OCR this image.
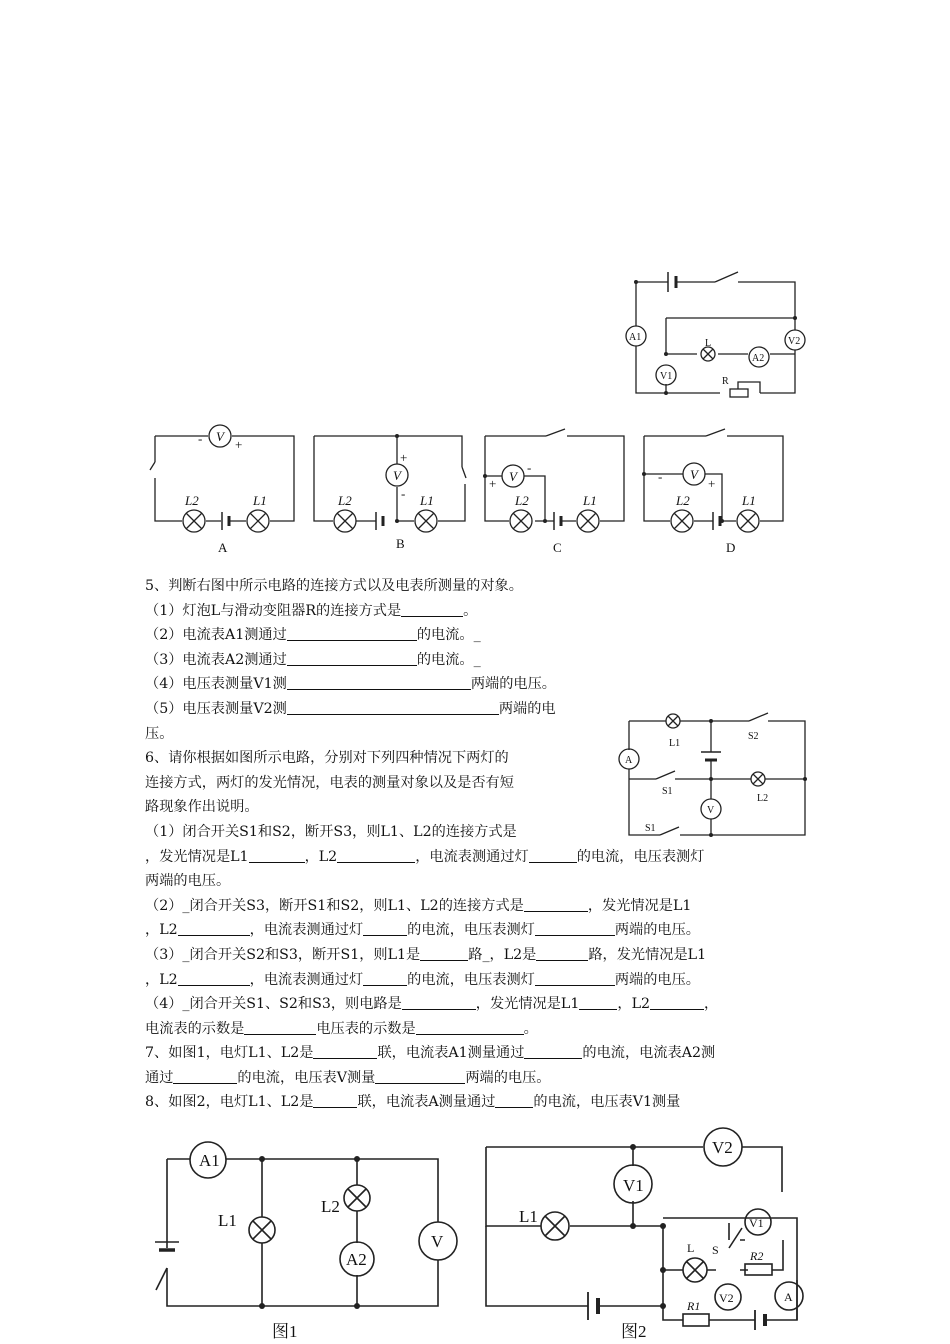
A1	V2
L
A2
V1	R
V
L2	L1
-	+
V
L2	L1
+
-
V
L2	L1
+
-	V
L2	L1
-	+
A	B	C	D
A
L1
S2
S1
L2
V
S1
A1
L1
L2
A2
V
图1
V2
V1
L1
图2
V1
L S	R2
V2	A
R1
5、判断右图中所示电路的连接方式以及电表所测量的对象。
（1）灯泡L与滑动变阻器R的连接方式是	。
（2）电流表A1测通过	的电流。_
（3）电流表A2测通过	的电流。_
（4）电压表测量V1测	两端的电压。
（5）电压表测量V2测	两端的电
压。
6、请你根据如图所示电路，分别对下列四种情况下两灯的
连接方式，两灯的发光情况，电表的测量对象以及是否有短
路现象作出说明。
（1）闭合开关S1和S2，断开S3，则L1、L2的连接方式是
，发光情况是L1	，L2	，电流表测通过灯	的电流，电压表测灯
两端的电压。
（2）_闭合开关S3，断开S1和S2，则L1、L2的连接方式是	，发光情况是L1
，L2	，电流表测通过灯	的电流，电压表测灯	两端的电压。
（3）_闭合开关S2和S3，断开S1，则L1是	路_，L2是	路，发光情况是L1
，L2	，电流表测通过灯	的电流，电压表测灯	两端的电压。
（4）_闭合开关S1、S2和S3，则电路是	，发光情况是L1	，L2	，
电流表的示数是	电压表的示数是	。
7、如图1，电灯L1、L2是	联，电流表A1测量通过	的电流，电流表A2测
通过	的电流，电压表V测量	两端的电压。
8、如图2，电灯L1、L2是	联，电流表A测量通过	的电流，电压表V1测量
